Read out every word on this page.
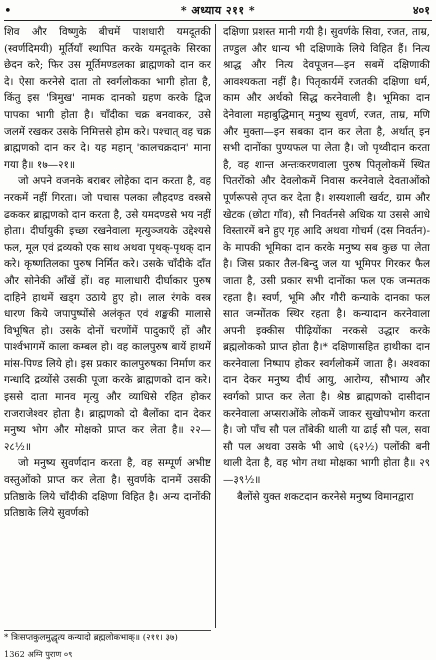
•	* अध्याय २११ *	४०१

शिव और विष्णुके बीचमें पाशधारी यमदूतकी (स्वर्णदिमयी) मूर्तियाँ स्थापित करके यमदूतके सिरका छेदन करे; फिर उस मूर्तिमण्डलका ब्राह्मणको दान कर दे। ऐसा करनेसे दाता तो स्वर्गलोकका भागी होता है, किंतु इस 'त्रिमुख' नामक दानको ग्रहण करके द्विज पापका भागी होता है। चाँदीका चक्र बनवाकर, उसे जलमें रखकर उसके निमित्तसे होम करे। पश्चात् वह चक्र ब्राह्मणको दान कर दे। यह महान् 'कालचक्रदान' माना गया है॥ १७—२१॥

जो अपने वजनके बराबर लोहेका दान करता है, वह नरकमें नहीं गिरता। जो पचास पलका लौहदण्ड वस्त्रसे ढककर ब्राह्मणको दान करता है, उसे यमदण्डसे भय नहीं होता। दीर्घायुकी इच्छा रखनेवाला मृत्युञ्जयके उद्देश्यसे फल, मूल एवं द्रव्यको एक साथ अथवा पृथक्-पृथक् दान करे। कृष्णतिलका पुरुष निर्मित करे। उसके चाँदीके दाँत और सोनेकी आँखें हों। वह मालाधारी दीर्घाकार पुरुष दाहिने हाथमें खड्ग उठाये हुए हो। लाल रंगके वस्त्र धारण किये जपापुष्पोंसे अलंकृत एवं शङ्खकी मालासे विभूषित हो। उसके दोनों चरणोंमें पादुकाएँ हों और पार्श्वभागमें काला कम्बल हो। वह कालपुरुष बायें हाथमें मांस-पिण्ड लिये हो। इस प्रकार कालपुरुषका निर्माण कर गन्धादि द्रव्योंसे उसकी पूजा करके ब्राह्मणको दान करे। इससे दाता मानव मृत्यु और व्याधिसे रहित होकर राजराजेश्वर होता है। ब्राह्मणको दो बैलोंका दान देकर मनुष्य भोग और मोक्षको प्राप्त कर लेता है॥ २२—२८½॥

जो मनुष्य सुवर्णदान करता है, वह सम्पूर्ण अभीष्ट वस्तुओंको प्राप्त कर लेता है। सुवर्णके दानमें उसकी प्रतिष्ठाके लिये चाँदीकी दक्षिणा विहित है। अन्य दानोंकी प्रतिष्ठाके लिये सुवर्णको

दक्षिणा प्रशस्त मानी गयी है। सुवर्णके सिवा, रजत, ताम्र, तण्डुल और धान्य भी दक्षिणाके लिये विहित हैं। नित्य श्राद्ध और नित्य देवपूजन—इन सबमें दक्षिणाकी आवश्यकता नहीं है। पितृकार्यमें रजतकी दक्षिणा धर्म, काम और अर्थको सिद्ध करनेवाली है। भूमिका दान देनेवाला महाबुद्धिमान् मनुष्य सुवर्ण, रजत, ताम्र, मणि और मुक्ता—इन सबका दान कर लेता है, अर्थात् इन सभी दानोंका पुण्यफल पा लेता है। जो पृथ्वीदान करता है, वह शान्त अन्तःकरणवाला पुरुष पितृलोकमें स्थित पितरोंको और देवलोकमें निवास करनेवाले देवताओंको पूर्णरूपसे तृप्त कर देता है। शस्यशाली खर्वट, ग्राम और खेटक (छोटा गाँव), सौ निवर्तनसे अधिक या उससे आधे विस्तारमें बने हुए गृह आदि अथवा गोचर्म (दस निवर्तन)-के मापकी भूमिका दान करके मनुष्य सब कुछ पा लेता है। जिस प्रकार तैल-बिन्दु जल या भूमिपर गिरकर फैल जाता है, उसी प्रकार सभी दानोंका फल एक जन्मतक रहता है। स्वर्ण, भूमि और गौरी कन्याके दानका फल सात जन्मोंतक स्थिर रहता है। कन्यादान करनेवाला अपनी इक्कीस पीढ़ियोंका नरकसे उद्धार करके ब्रह्मलोकको प्राप्त होता है।* दक्षिणासहित हाथीका दान करनेवाला निष्पाप होकर स्वर्गलोकमें जाता है। अश्वका दान देकर मनुष्य दीर्घ आयु, आरोग्य, सौभाग्य और स्वर्गको प्राप्त कर लेता है। श्रेष्ठ ब्राह्मणको दासीदान करनेवाला अप्सराओंके लोकमें जाकर सुखोपभोग करता है। जो पाँच सौ पल ताँबेकी थाली या ढाई सौ पल, सवा सौ पल अथवा उसके भी आधे (६२½) पलोंकी बनी थाली देता है, वह भोग तथा मोक्षका भागी होता है॥ २९—३९½॥

बैलोंसे युक्त शकटदान करनेसे मनुष्य विमानद्वारा

* त्रिःसप्तकुलमुद्धृत्य कन्यादो ब्रह्मलोकभाक्॥ (२११। ३७)
1362 अग्नि पुराण ०९
